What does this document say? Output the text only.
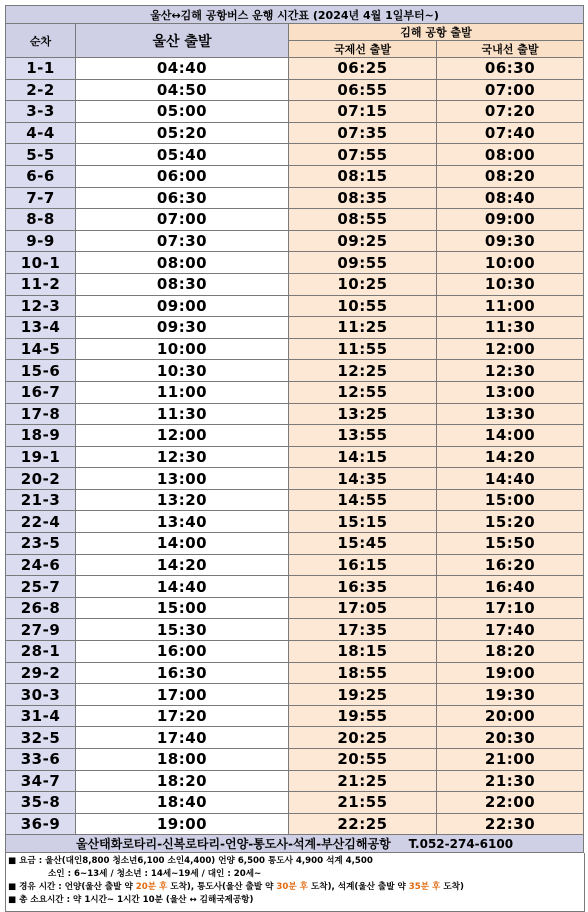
울산↔김해 공항버스 운행 시간표 (2024년 4월 1일부터~)			
순차	울산 출발	김해 공항 출발	
		국제선 출발	국내선 출발
1-1	04:40	06:25	06:30
2-2	04:50	06:55	07:00
3-3	05:00	07:15	07:20
4-4	05:20	07:35	07:40
5-5	05:40	07:55	08:00
6-6	06:00	08:15	08:20
7-7	06:30	08:35	08:40
8-8	07:00	08:55	09:00
9-9	07:30	09:25	09:30
10-1	08:00	09:55	10:00
11-2	08:30	10:25	10:30
12-3	09:00	10:55	11:00
13-4	09:30	11:25	11:30
14-5	10:00	11:55	12:00
15-6	10:30	12:25	12:30
16-7	11:00	12:55	13:00
17-8	11:30	13:25	13:30
18-9	12:00	13:55	14:00
19-1	12:30	14:15	14:20
20-2	13:00	14:35	14:40
21-3	13:20	14:55	15:00
22-4	13:40	15:15	15:20
23-5	14:00	15:45	15:50
24-6	14:20	16:15	16:20
25-7	14:40	16:35	16:40
26-8	15:00	17:05	17:10
27-9	15:30	17:35	17:40
28-1	16:00	18:15	18:20
29-2	16:30	18:55	19:00
30-3	17:00	19:25	19:30
31-4	17:20	19:55	20:00
32-5	17:40	20:25	20:30
33-6	18:00	20:55	21:00
34-7	18:20	21:25	21:30
35-8	18:40	21:55	22:00
36-9	19:00	22:25	22:30
울산태화로타리-신복로타리-언양-통도사-석계-부산김해공항 T.052-274-6100			
■ 요금 : 울산(대인8,800 청소년6,100 소인4,400) 언양 6,500 통도사 4,900 석계 4,500
소인 : 6~13세 / 청소년 : 14세~19세 / 대인 : 20세~
■ 경유 시간 : 언양(울산 출발 약 20분 후 도착), 통도사(울산 출발 약 30분 후 도착), 석계(울산 출발 약 35분 후 도착)
■ 총 소요시간 : 약 1시간~ 1시간 10분 (울산 ↔ 김해국제공항)
